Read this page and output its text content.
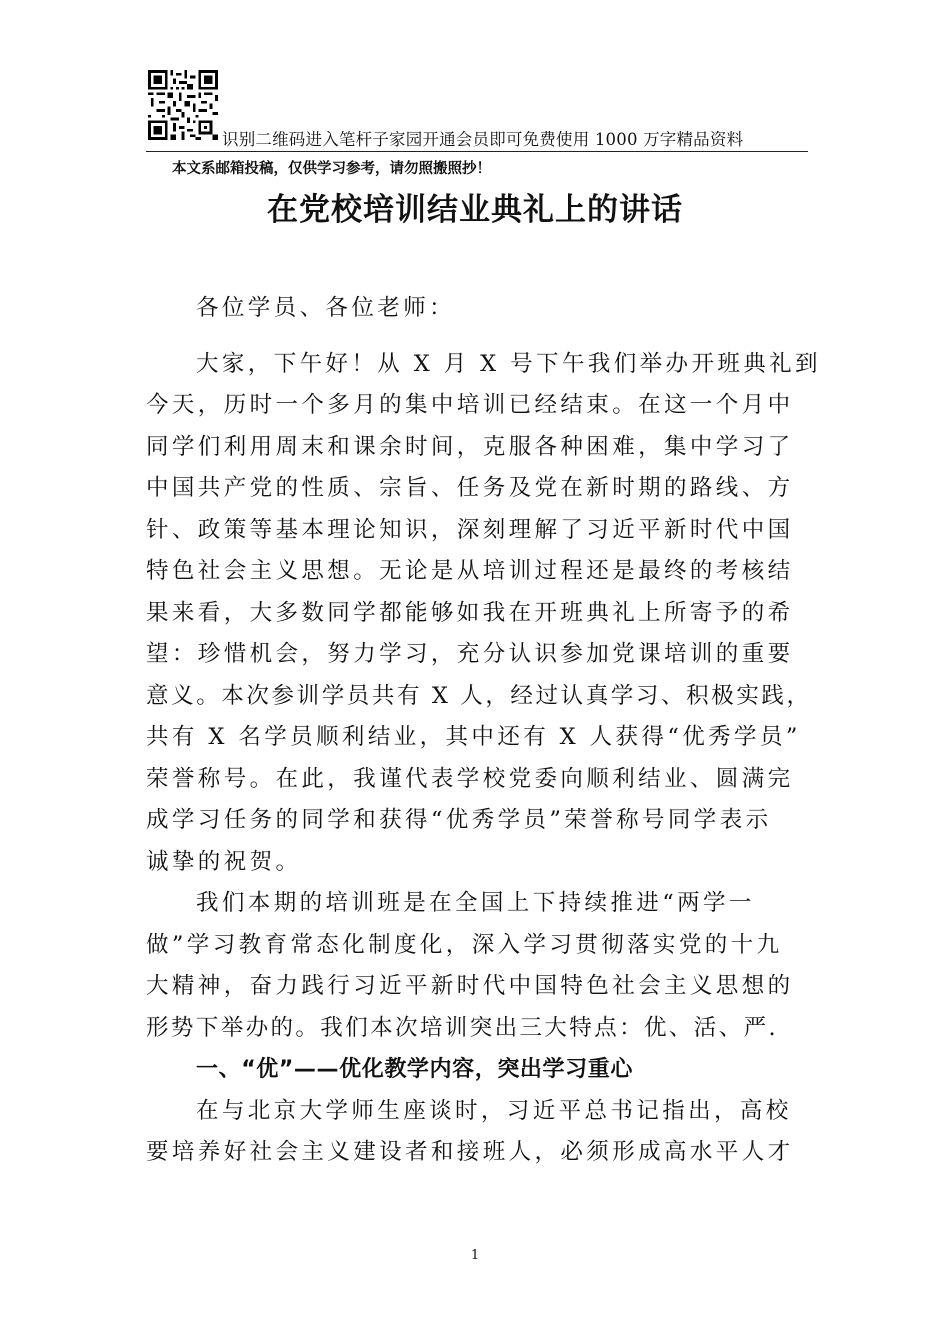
识别二维码进入笔杆子家园开通会员即可免费使用 1000 万字精品资料
本文系邮箱投稿，仅供学习参考，请勿照搬照抄！
在党校培训结业典礼上的讲话

各位学员、各位老师：

大家，下午好！从 X 月 X 号下午我们举办开班典礼到
今天，历时一个多月的集中培训已经结束。在这一个月中
同学们利用周末和课余时间，克服各种困难，集中学习了
中国共产党的性质、宗旨、任务及党在新时期的路线、方
针、政策等基本理论知识，深刻理解了习近平新时代中国
特色社会主义思想。无论是从培训过程还是最终的考核结
果来看，大多数同学都能够如我在开班典礼上所寄予的希
望：珍惜机会，努力学习，充分认识参加党课培训的重要
意义。本次参训学员共有 X 人，经过认真学习、积极实践，
共有 X 名学员顺利结业，其中还有 X 人获得“优秀学员”
荣誉称号。在此，我谨代表学校党委向顺利结业、圆满完
成学习任务的同学和获得“优秀学员”荣誉称号同学表示
诚挚的祝贺。

我们本期的培训班是在全国上下持续推进“两学一
做”学习教育常态化制度化，深入学习贯彻落实党的十九
大精神，奋力践行习近平新时代中国特色社会主义思想的
形势下举办的。我们本次培训突出三大特点：优、活、严.

一、“优”——优化教学内容，突出学习重心

在与北京大学师生座谈时，习近平总书记指出，高校
要培养好社会主义建设者和接班人，必须形成高水平人才

1
